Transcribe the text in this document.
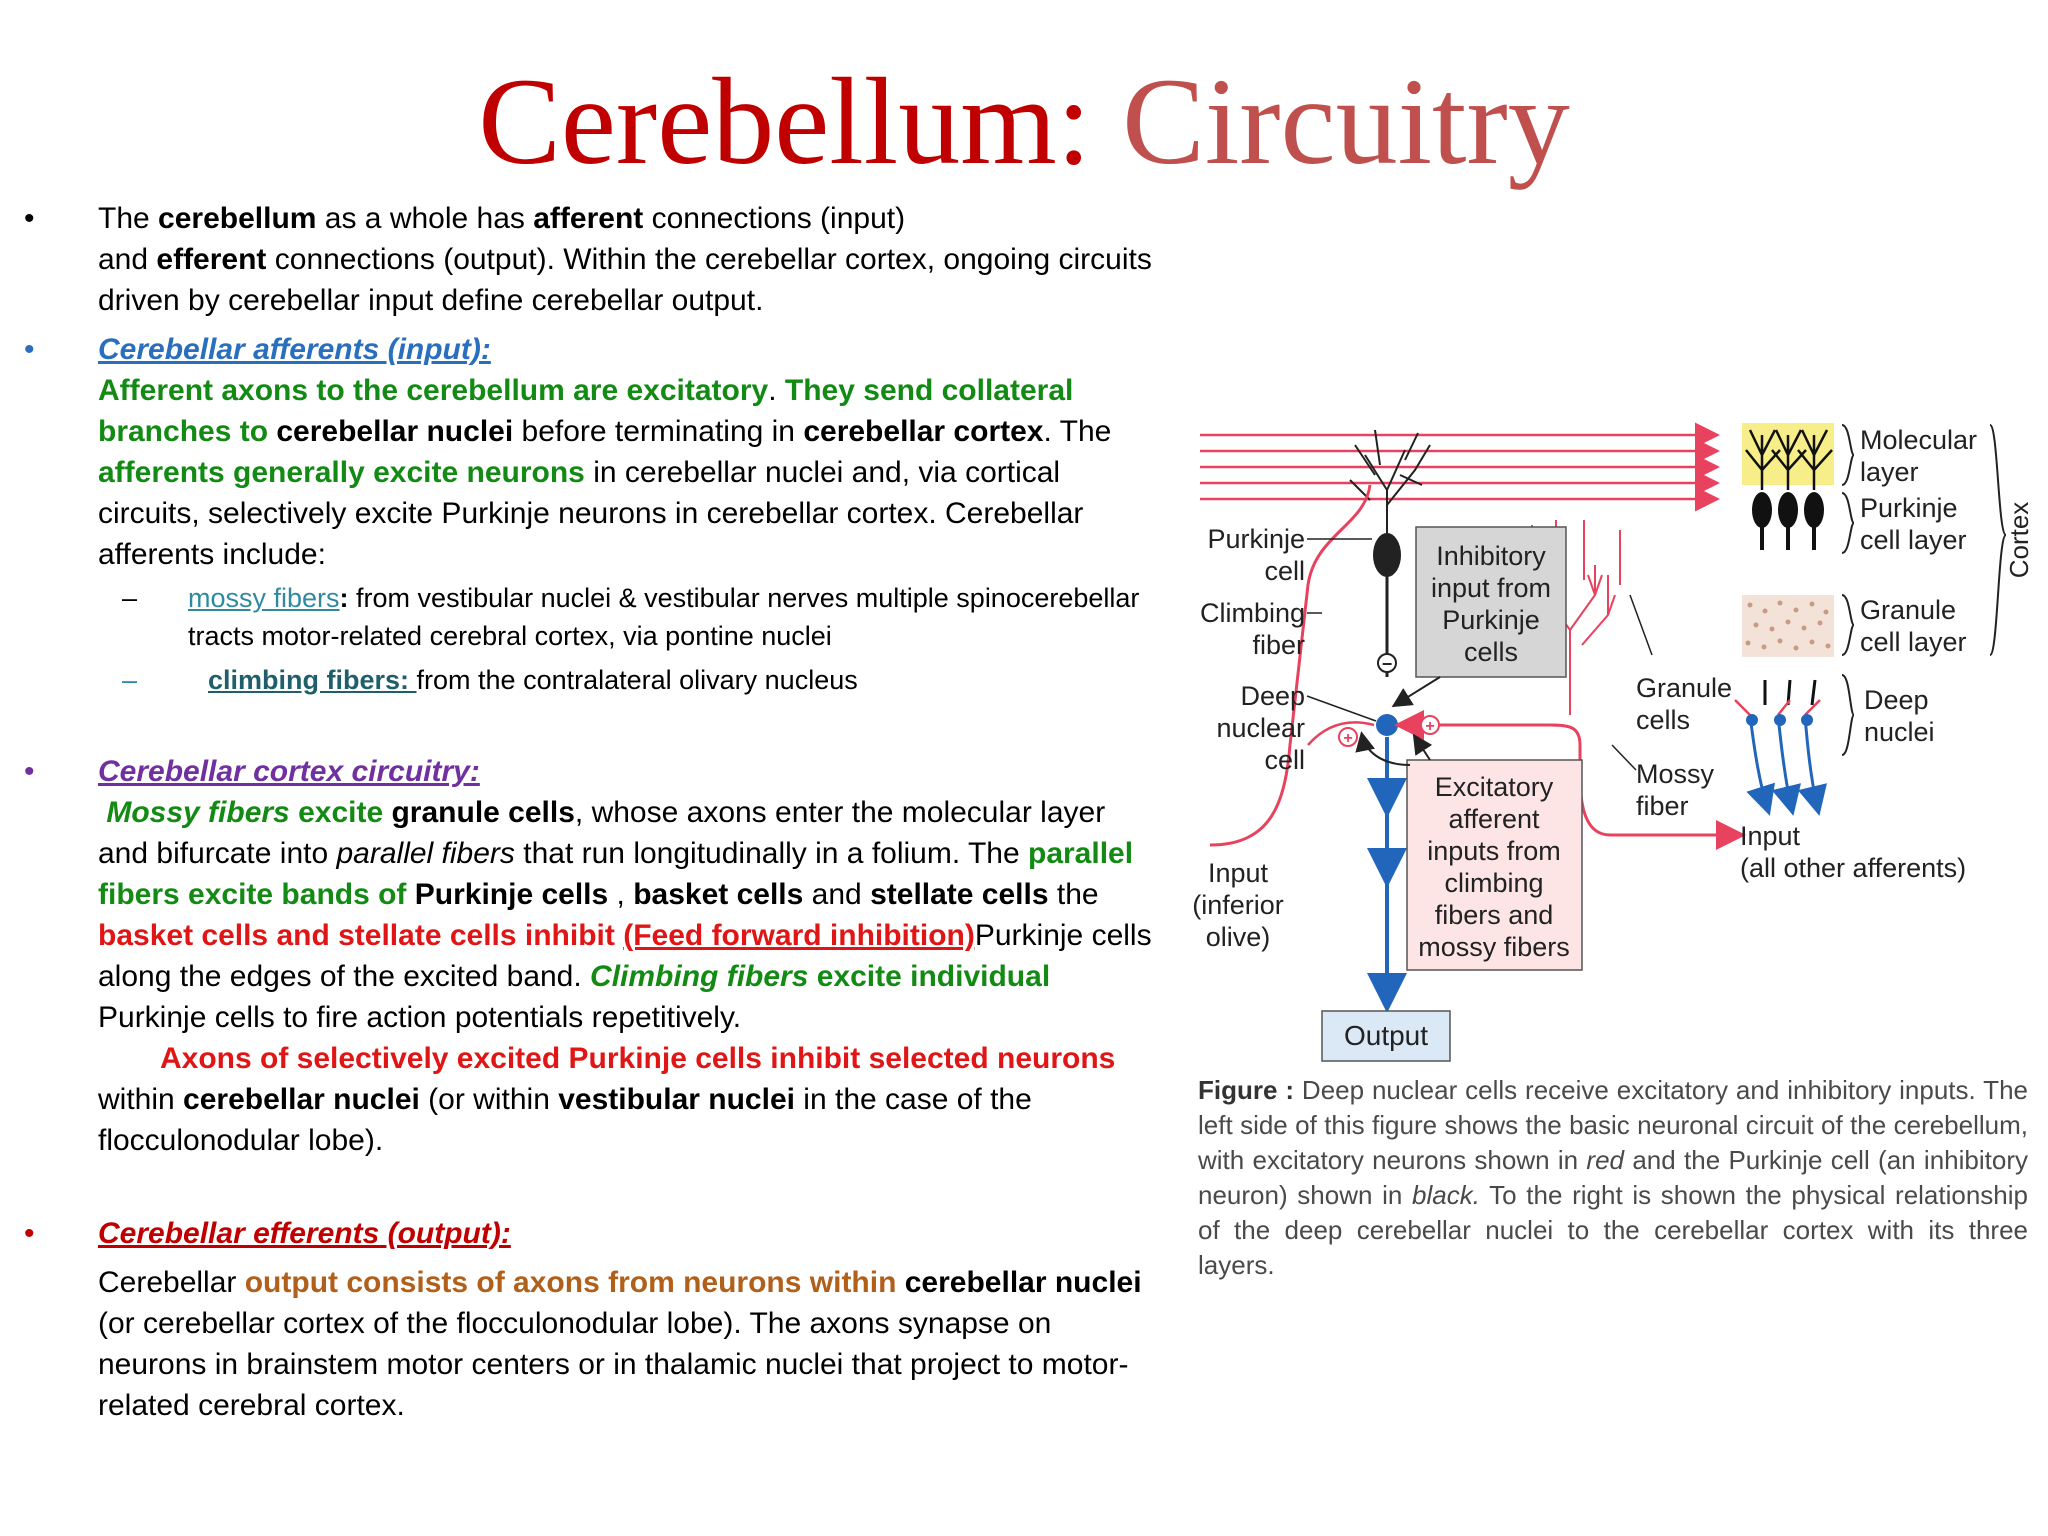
Cerebellum: Circuitry
•	The cerebellum as a whole has afferent connections (input)
and efferent connections (output). Within the cerebellar cortex, ongoing circuits driven by cerebellar input define cerebellar output.
•	Cerebellar afferents (input):
Afferent axons to the cerebellum are excitatory. They send collateral branches to cerebellar nuclei before terminating in cerebellar cortex. The afferents generally excite neurons in cerebellar nuclei and, via cortical circuits, selectively excite Purkinje neurons in cerebellar cortex. Cerebellar afferents include:
– mossy fibers: from vestibular nuclei & vestibular nerves multiple spinocerebellar tracts motor-related cerebral cortex, via pontine nuclei
–	climbing fibers: from the contralateral olivary nucleus
•	Cerebellar cortex circuitry:
Mossy fibers excite granule cells, whose axons enter the molecular layer and bifurcate into parallel fibers that run longitudinally in a folium. The parallel fibers excite bands of Purkinje cells , basket cells and stellate cells the basket cells and stellate cells inhibit (Feed forward inhibition)Purkinje cells along the edges of the excited band. Climbing fibers excite individual Purkinje cells to fire action potentials repetitively.
Axons of selectively excited Purkinje cells inhibit selected neurons
within cerebellar nuclei (or within vestibular nuclei in the case of the flocculonodular lobe).
•	Cerebellar efferents (output):

Cerebellar output consists of axons from neurons within cerebellar nuclei (or cerebellar cortex of the flocculonodular lobe). The axons synapse on neurons in brainstem motor centers or in thalamic nuclei that project to motor-related cerebral cortex.
−
+
+
Inhibitory
input from
Purkinje
cells
Excitatory
afferent
inputs from
climbing
fibers and
mossy fibers
Output
Purkinje
cell
Climbing
fiber
Deep
nuclear
cell
Input
(inferior
olive)
Granule
cells
Mossy
fiber
Input
(all other afferents)
Molecular
layer
Purkinje
cell layer
Granule
cell layer
Deep
nuclei
Cortex
Figure : Deep nuclear cells receive excitatory and inhibitory inputs. The left side of this figure shows the basic neuronal circuit of the cerebellum, with excitatory neurons shown in red and the Purkinje cell (an inhibitory neuron) shown in black. To the right is shown the physical relationship of the deep cerebellar nuclei to the cerebellar cortex with its three layers.
